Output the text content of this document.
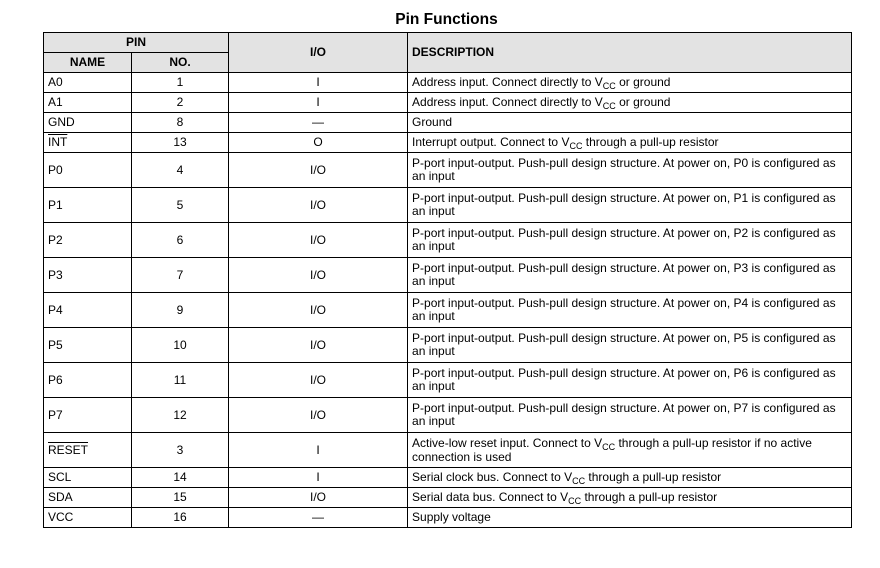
Pin Functions
PIN		I/O	DESCRIPTION
NAME	NO.		
A0	1	I	Address input. Connect directly to $V_{CC}$ or ground
A1	2	I	Address input. Connect directly to $V_{CC}$ or ground
GND	8	—	Ground
$\overline{INT}$	13	O	Interrupt output. Connect to $V_{CC}$ through a pull-up resistor
P0	4	I/O	P-port input-output. Push-pull design structure. At power on, P0 is configured as an input
P1	5	I/O	P-port input-output. Push-pull design structure. At power on, P1 is configured as an input
P2	6	I/O	P-port input-output. Push-pull design structure. At power on, P2 is configured as an input
P3	7	I/O	P-port input-output. Push-pull design structure. At power on, P3 is configured as an input
P4	9	I/O	P-port input-output. Push-pull design structure. At power on, P4 is configured as an input
P5	10	I/O	P-port input-output. Push-pull design structure. At power on, P5 is configured as an input
P6	11	I/O	P-port input-output. Push-pull design structure. At power on, P6 is configured as an input
P7	12	I/O	P-port input-output. Push-pull design structure. At power on, P7 is configured as an input
RESET	3	I	Active-low reset input. Connect to $V_{CC}$ through a pull-up resistor if no active connection is used
SCL	14	I	Serial clock bus. Connect to $V_{CC}$ through a pull-up resistor
SDA	15	I/O	Serial data bus. Connect to $V_{CC}$ through a pull-up resistor
VCC	16	—	Supply voltage
